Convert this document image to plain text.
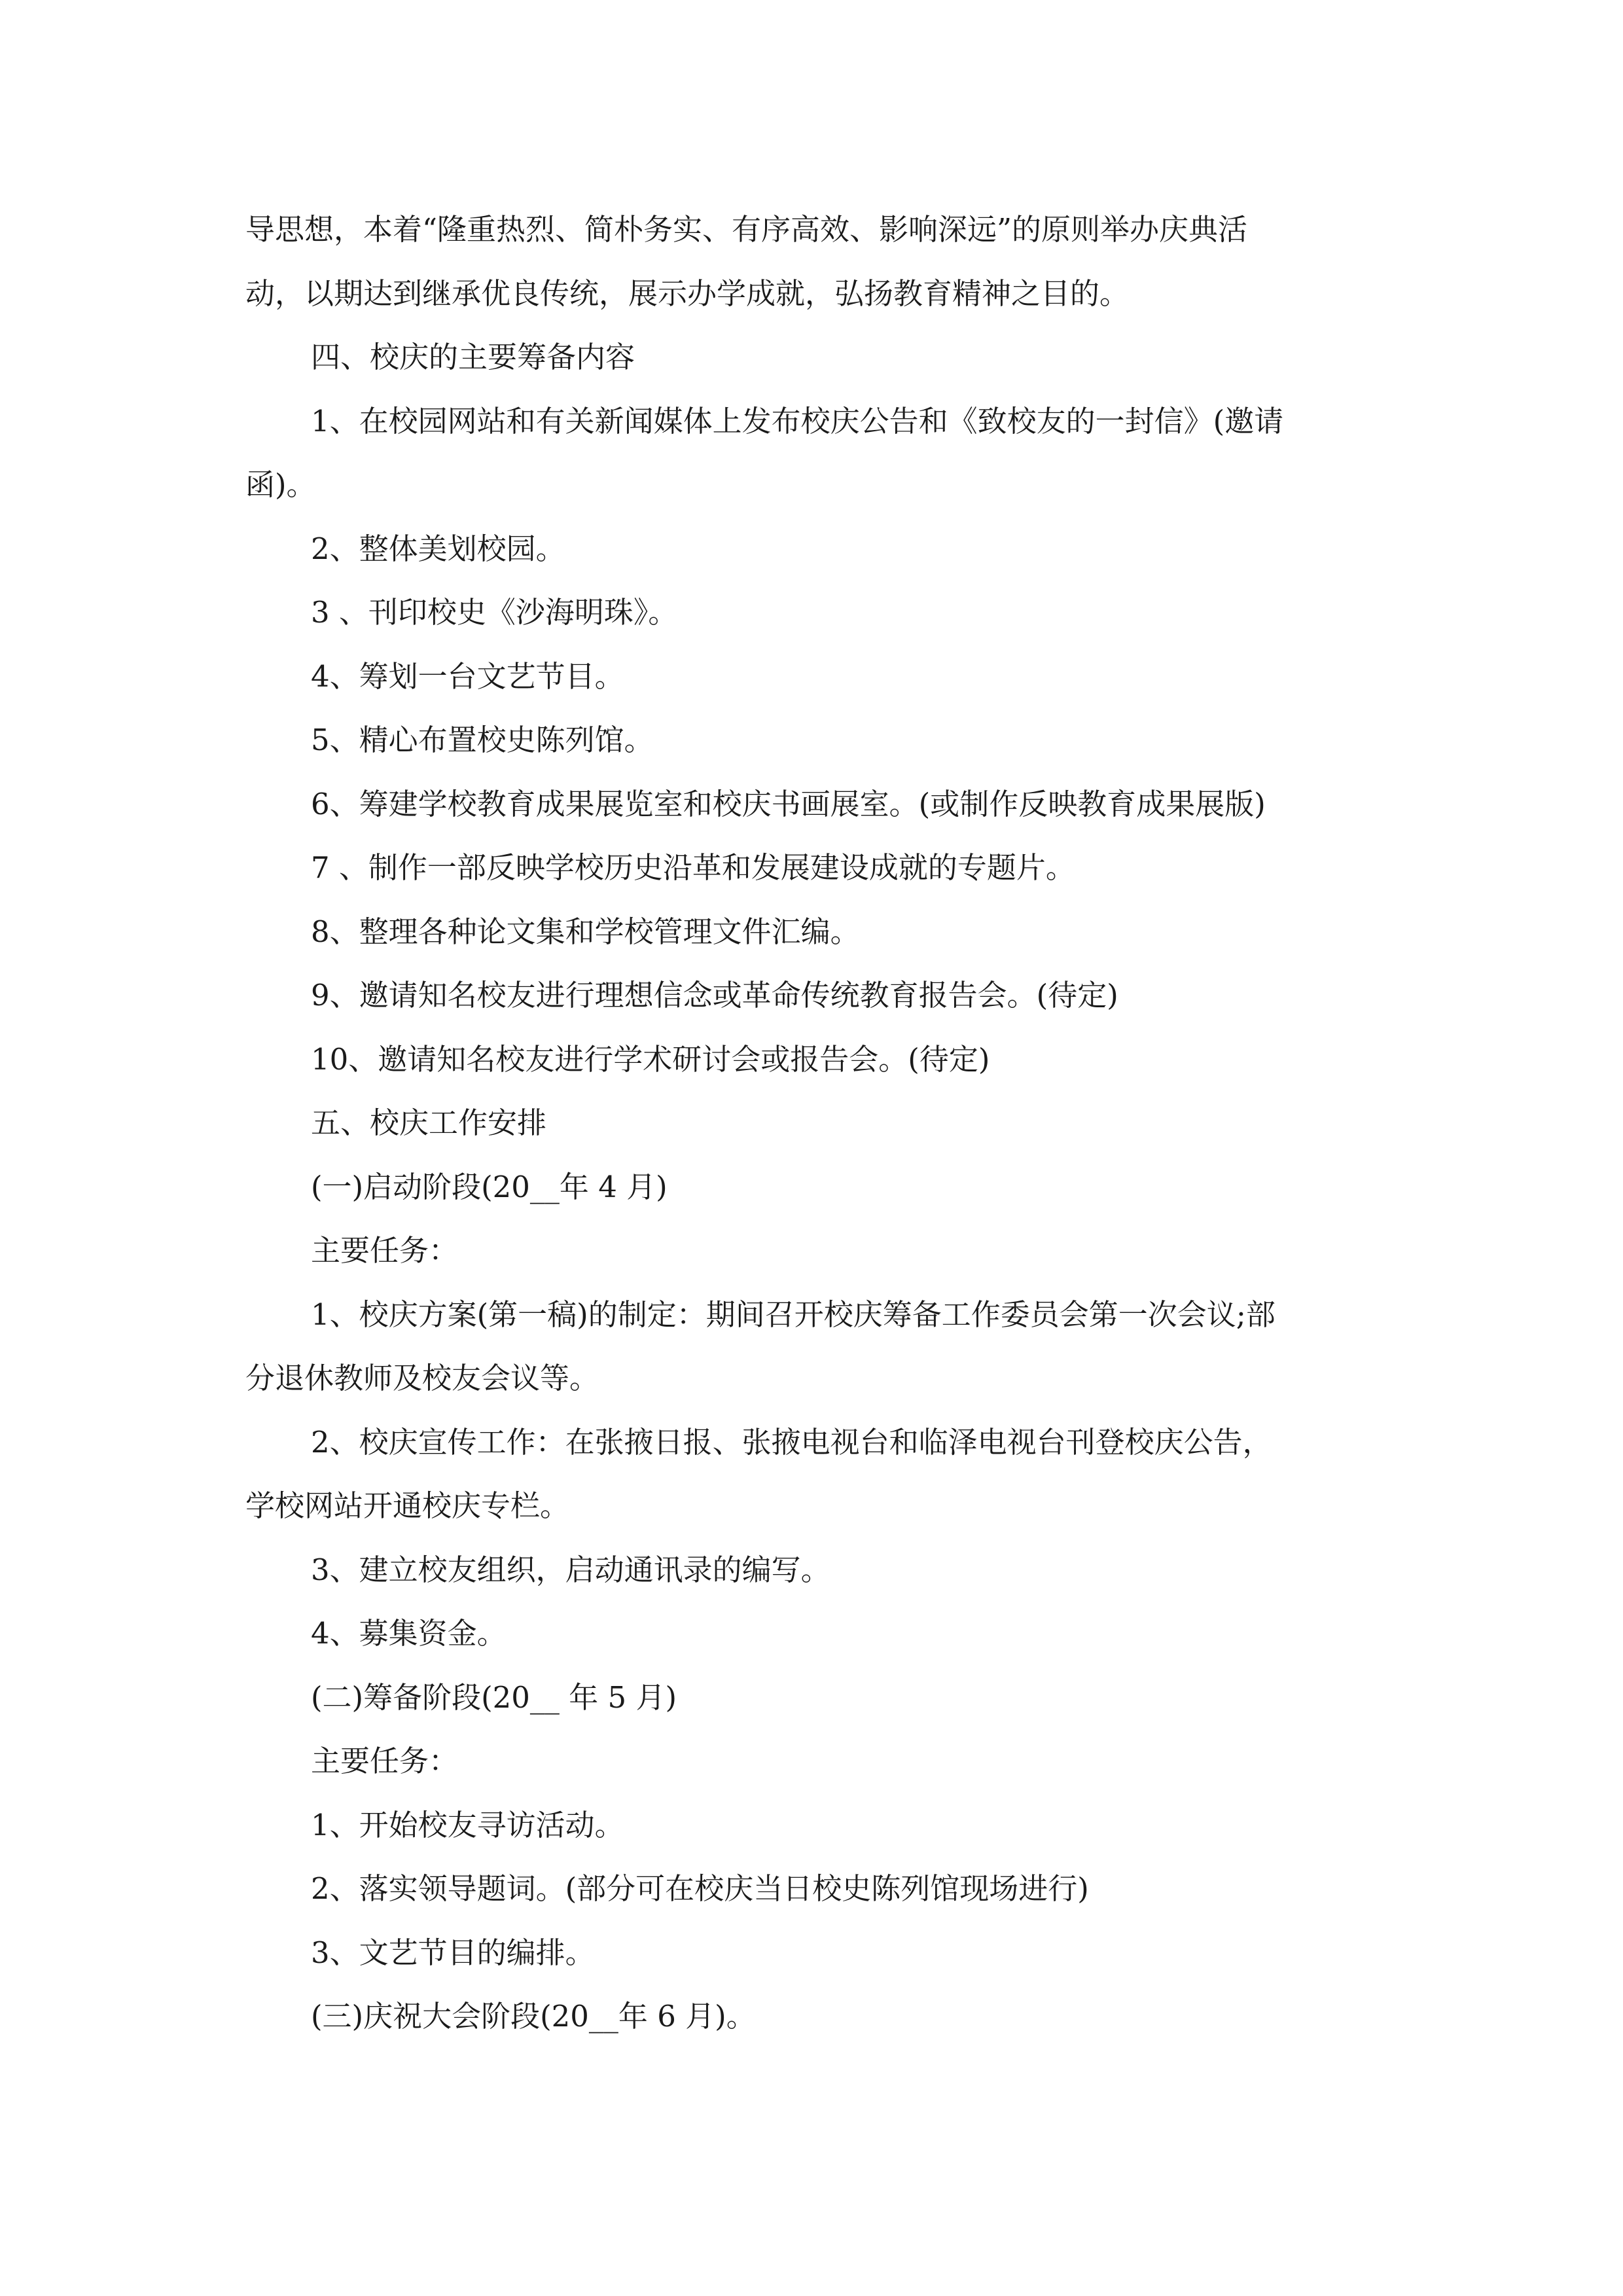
导思想，本着“隆重热烈、简朴务实、有序高效、影响深远”的原则举办庆典活
动，以期达到继承优良传统，展示办学成就，弘扬教育精神之目的。

四、校庆的主要筹备内容

1、在校园网站和有关新闻媒体上发布校庆公告和《致校友的一封信》(邀请
函)。

2、整体美划校园。

3 、刊印校史《沙海明珠》。

4、筹划一台文艺节目。

5、精心布置校史陈列馆。

6、筹建学校教育成果展览室和校庆书画展室。(或制作反映教育成果展版)

7 、制作一部反映学校历史沿革和发展建设成就的专题片。

8、整理各种论文集和学校管理文件汇编。

9、邀请知名校友进行理想信念或革命传统教育报告会。(待定)

10、邀请知名校友进行学术研讨会或报告会。(待定)

五、校庆工作安排

(一)启动阶段(20__年 4 月)

主要任务：

1、校庆方案(第一稿)的制定：期间召开校庆筹备工作委员会第一次会议;部
分退休教师及校友会议等。

2、校庆宣传工作：在张掖日报、张掖电视台和临泽电视台刊登校庆公告，
学校网站开通校庆专栏。

3、建立校友组织，启动通讯录的编写。

4、募集资金。

(二)筹备阶段(20__ 年 5 月)

主要任务：

1、开始校友寻访活动。

2、落实领导题词。(部分可在校庆当日校史陈列馆现场进行)

3、文艺节目的编排。

(三)庆祝大会阶段(20__年 6 月)。
